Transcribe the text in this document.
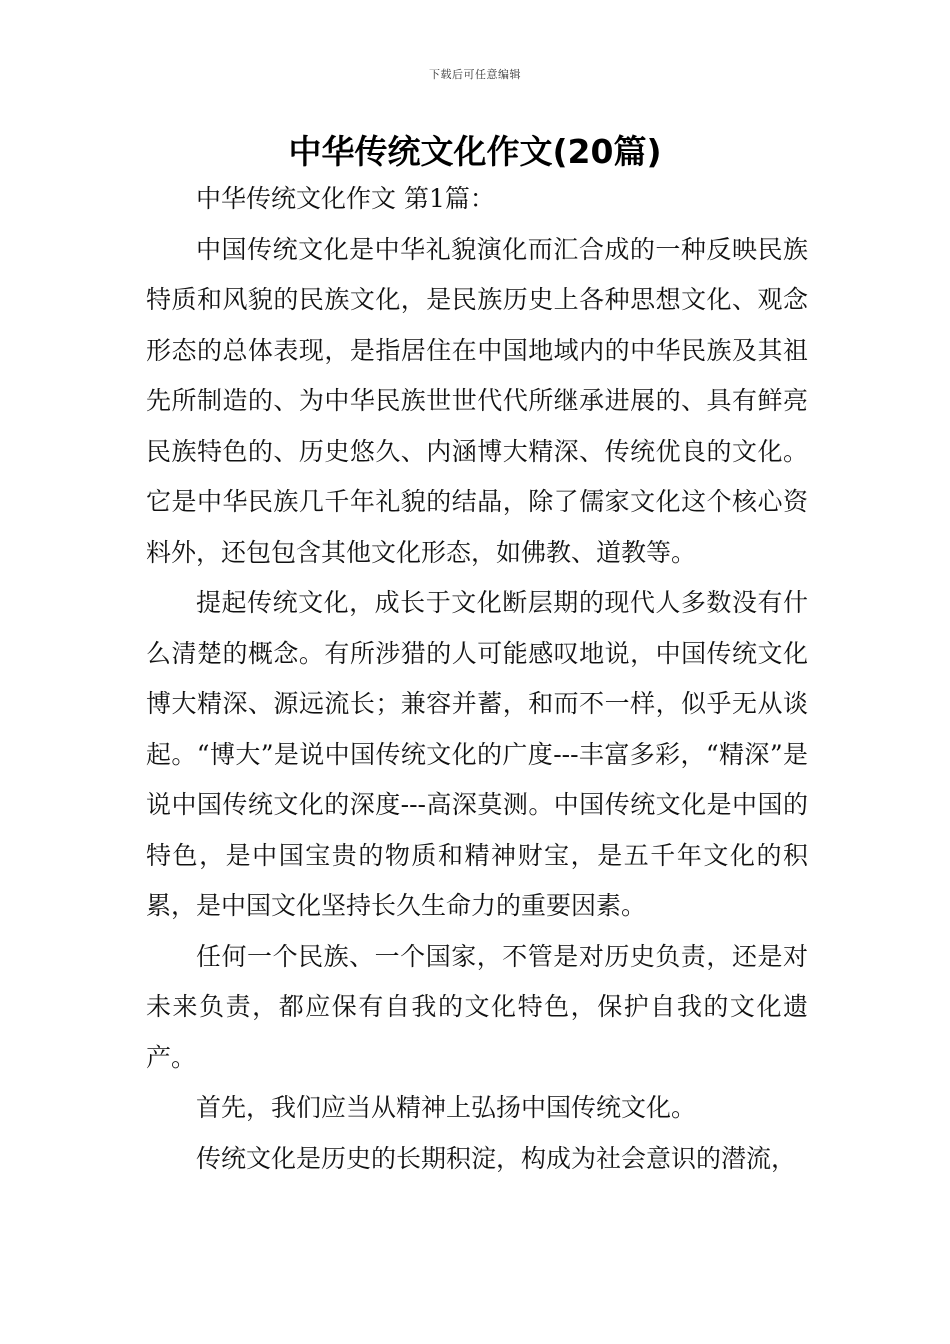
下载后可任意编辑
中华传统文化作文(20篇)

中华传统文化作文 第1篇：

中国传统文化是中华礼貌演化而汇合成的一种反映民族特质和风貌的民族文化，是民族历史上各种思想文化、观念形态的总体表现，是指居住在中国地域内的中华民族及其祖先所制造的、为中华民族世世代代所继承进展的、具有鲜亮民族特色的、历史悠久、内涵博大精深、传统优良的文化。它是中华民族几千年礼貌的结晶，除了儒家文化这个核心资料外，还包包含其他文化形态，如佛教、道教等。

提起传统文化，成长于文化断层期的现代人多数没有什么清楚的概念。有所涉猎的人可能感叹地说，中国传统文化博大精深、源远流长；兼容并蓄，和而不一样，似乎无从谈起。“博大”是说中国传统文化的广度---丰富多彩，“精深”是说中国传统文化的深度---高深莫测。中国传统文化是中国的特色，是中国宝贵的物质和精神财宝，是五千年文化的积累，是中国文化坚持长久生命力的重要因素。

任何一个民族、一个国家，不管是对历史负责，还是对未来负责，都应保有自我的文化特色，保护自我的文化遗产。

首先，我们应当从精神上弘扬中国传统文化。

传统文化是历史的长期积淀，构成为社会意识的潜流，
